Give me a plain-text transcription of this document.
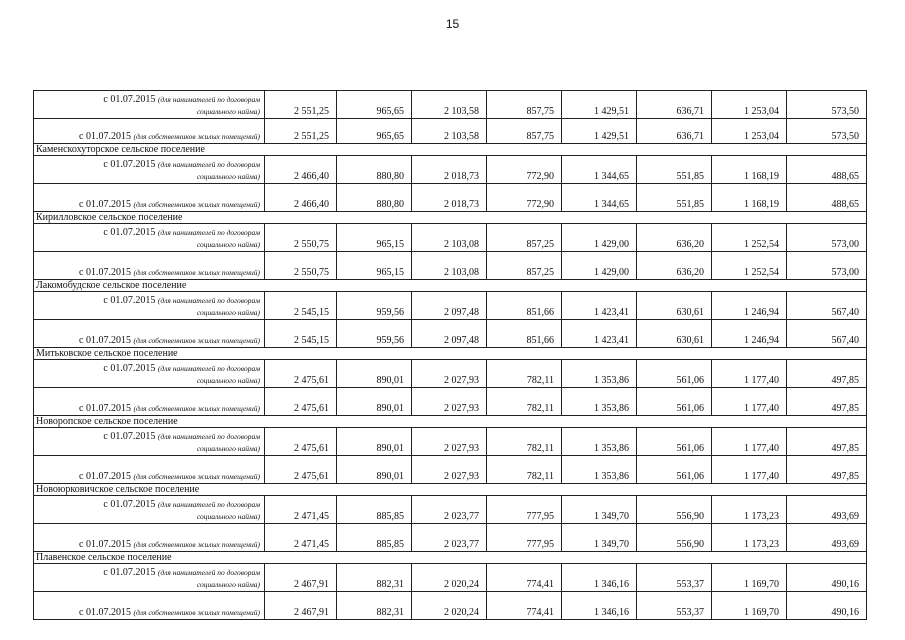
15
с 01.07.2015 (для нанимателей по договорам
социального найма)	2 551,25	965,65	2 103,58	857,75	1 429,51	636,71	1 253,04	573,50

с 01.07.2015 (для собственников жилых помещений)	2 551,25	965,65	2 103,58	857,75	1 429,51	636,71	1 253,04	573,50
Каменскохуторское сельское поселение								

с 01.07.2015 (для нанимателей по договорам
социального найма)	2 466,40	880,80	2 018,73	772,90	1 344,65	551,85	1 168,19	488,65

с 01.07.2015 (для собственников жилых помещений)	2 466,40	880,80	2 018,73	772,90	1 344,65	551,85	1 168,19	488,65
Кирилловское сельское поселение								

с 01.07.2015 (для нанимателей по договорам
социального найма)	2 550,75	965,15	2 103,08	857,25	1 429,00	636,20	1 252,54	573,00

с 01.07.2015 (для собственников жилых помещений)	2 550,75	965,15	2 103,08	857,25	1 429,00	636,20	1 252,54	573,00
Лакомобудское сельское поселение								

с 01.07.2015 (для нанимателей по договорам
социального найма)	2 545,15	959,56	2 097,48	851,66	1 423,41	630,61	1 246,94	567,40

с 01.07.2015 (для собственников жилых помещений)	2 545,15	959,56	2 097,48	851,66	1 423,41	630,61	1 246,94	567,40
Митьковское сельское поселение								

с 01.07.2015 (для нанимателей по договорам
социального найма)	2 475,61	890,01	2 027,93	782,11	1 353,86	561,06	1 177,40	497,85

с 01.07.2015 (для собственников жилых помещений)	2 475,61	890,01	2 027,93	782,11	1 353,86	561,06	1 177,40	497,85
Новоропское сельское поселение								

с 01.07.2015 (для нанимателей по договорам
социального найма)	2 475,61	890,01	2 027,93	782,11	1 353,86	561,06	1 177,40	497,85

с 01.07.2015 (для собственников жилых помещений)	2 475,61	890,01	2 027,93	782,11	1 353,86	561,06	1 177,40	497,85
Новоюрковичское сельское поселение								

с 01.07.2015 (для нанимателей по договорам
социального найма)	2 471,45	885,85	2 023,77	777,95	1 349,70	556,90	1 173,23	493,69

с 01.07.2015 (для собственников жилых помещений)	2 471,45	885,85	2 023,77	777,95	1 349,70	556,90	1 173,23	493,69
Плавенское сельское поселение								

с 01.07.2015 (для нанимателей по договорам
социального найма)	2 467,91	882,31	2 020,24	774,41	1 346,16	553,37	1 169,70	490,16

с 01.07.2015 (для собственников жилых помещений)	2 467,91	882,31	2 020,24	774,41	1 346,16	553,37	1 169,70	490,16
